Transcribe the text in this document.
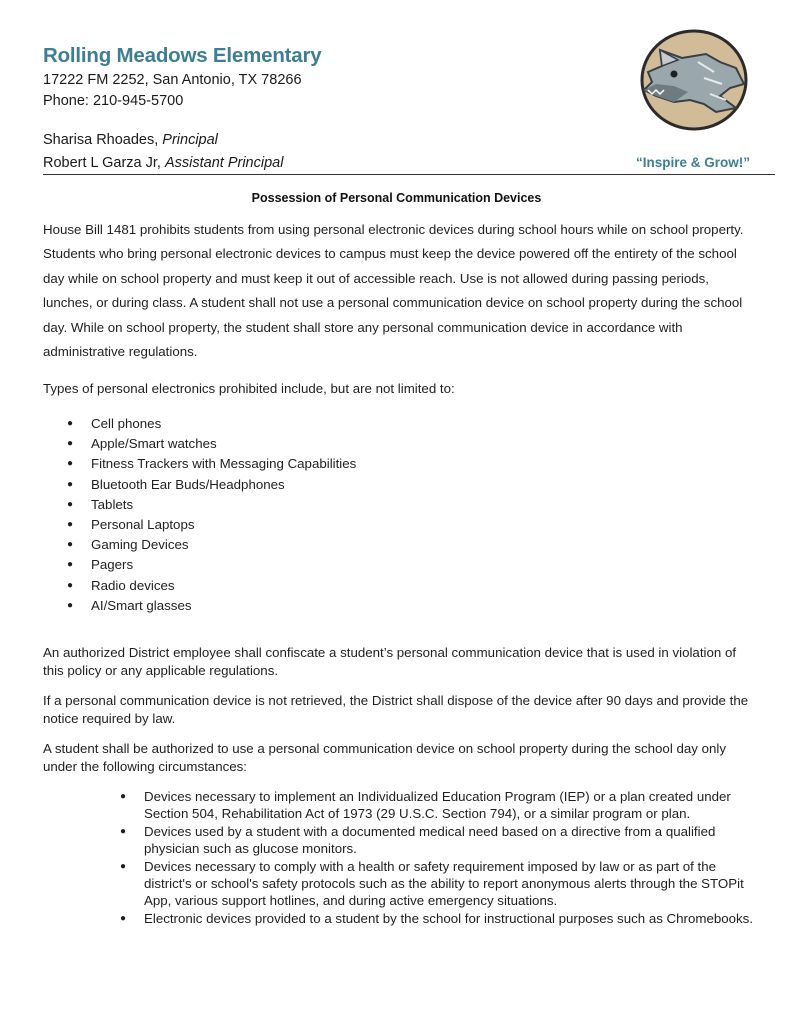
Rolling Meadows Elementary
17222 FM 2252, San Antonio, TX 78266
Phone: 210-945-5700
Sharisa Rhoades, Principal
Robert L Garza Jr, Assistant Principal	“Inspire & Grow!”
Possession of Personal Communication Devices
House Bill 1481 prohibits students from using personal electronic devices during school hours while on school property. Students who bring personal electronic devices to campus must keep the device powered off the entirety of the school day while on school property and must keep it out of accessible reach. Use is not allowed during passing periods, lunches, or during class. A student shall not use a personal communication device on school property during the school day. While on school property, the student shall store any personal communication device in accordance with administrative regulations.
Types of personal electronics prohibited include, but are not limited to:
● Cell phones
● Apple/Smart watches
● Fitness Trackers with Messaging Capabilities
● Bluetooth Ear Buds/Headphones
● Tablets
● Personal Laptops
● Gaming Devices
● Pagers
● Radio devices
● AI/Smart glasses
An authorized District employee shall confiscate a student’s personal communication device that is used in violation of this policy or any applicable regulations.
If a personal communication device is not retrieved, the District shall dispose of the device after 90 days and provide the notice required by law.
A student shall be authorized to use a personal communication device on school property during the school day only under the following circumstances:
● Devices necessary to implement an Individualized Education Program (IEP) or a plan created under Section 504, Rehabilitation Act of 1973 (29 U.S.C. Section 794), or a similar program or plan.
● Devices used by a student with a documented medical need based on a directive from a qualified physician such as glucose monitors.
● Devices necessary to comply with a health or safety requirement imposed by law or as part of the district's or school's safety protocols such as the ability to report anonymous alerts through the STOPit App, various support hotlines, and during active emergency situations.
● Electronic devices provided to a student by the school for instructional purposes such as Chromebooks.
